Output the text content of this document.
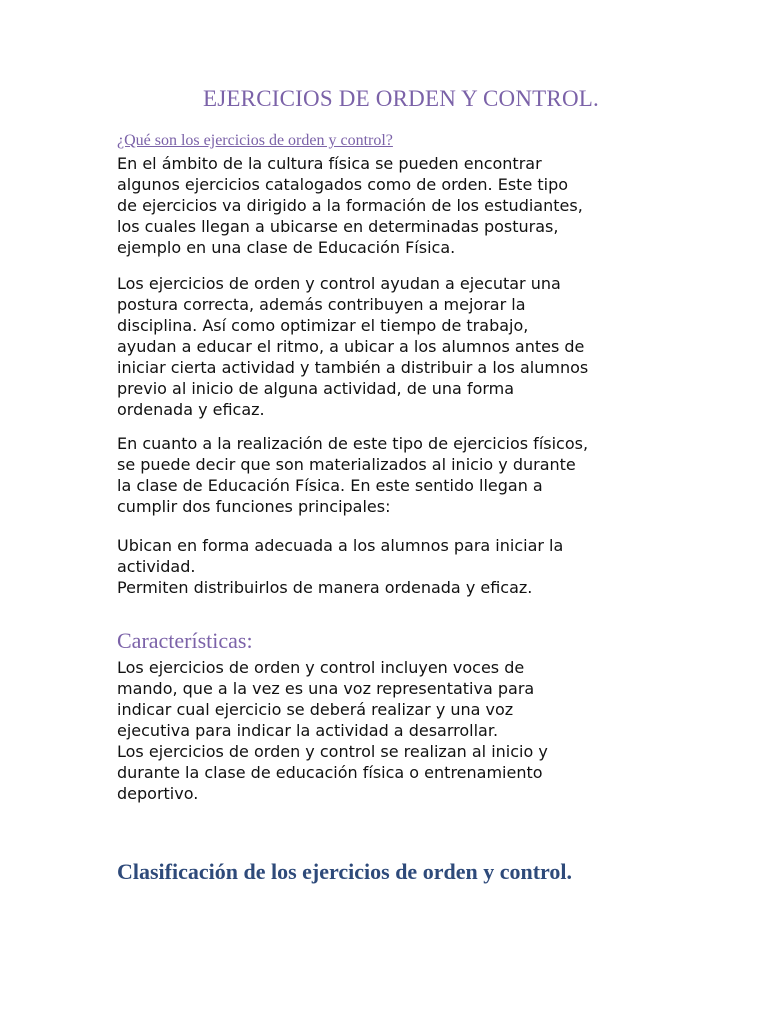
EJERCICIOS DE ORDEN Y CONTROL.
¿Qué son los ejercicios de orden y control?

En el ámbito de la cultura física se pueden encontrar
algunos ejercicios catalogados como de orden. Este tipo
de ejercicios va dirigido a la formación de los estudiantes,
los cuales llegan a ubicarse en determinadas posturas,
ejemplo en una clase de Educación Física.

Los ejercicios de orden y control ayudan a ejecutar una
postura correcta, además contribuyen a mejorar la
disciplina. Así como optimizar el tiempo de trabajo,
ayudan a educar el ritmo, a ubicar a los alumnos antes de
iniciar cierta actividad y también a distribuir a los alumnos
previo al inicio de alguna actividad, de una forma
ordenada y eficaz.

En cuanto a la realización de este tipo de ejercicios físicos,
se puede decir que son materializados al inicio y durante
la clase de Educación Física. En este sentido llegan a
cumplir dos funciones principales:

Ubican en forma adecuada a los alumnos para iniciar la
actividad.
Permiten distribuirlos de manera ordenada y eficaz.

Características:

Los ejercicios de orden y control incluyen voces de
mando, que a la vez es una voz representativa para
indicar cual ejercicio se deberá realizar y una voz
ejecutiva para indicar la actividad a desarrollar.
Los ejercicios de orden y control se realizan al inicio y
durante la clase de educación física o entrenamiento
deportivo.

Clasificación de los ejercicios de orden y control.
